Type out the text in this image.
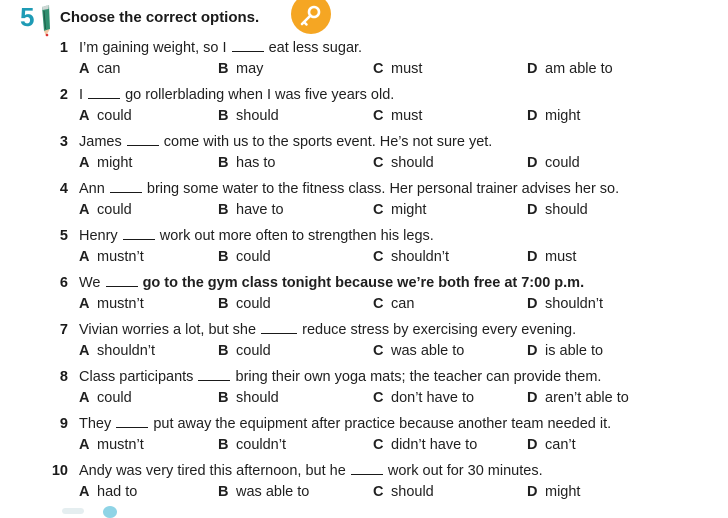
5 Choose the correct options.
1 I’m gaining weight, so I	eat less sugar.
A can	B may	C must	D am able to
2 I	go rollerblading when I was five years old.
A could	B should	C must	D might
3 James	come with us to the sports event. He’s not sure yet.
A might	B has to	C should	D could
4 Ann	bring some water to the fitness class. Her personal trainer advises her so.
A could	B have to	C might	D should
5 Henry	work out more often to strengthen his legs.
A mustn’t	B could	C shouldn’t	D must
6 We	go to the gym class tonight because we’re both free at 7:00 p.m.
A mustn’t	B could	C can	D shouldn’t
7 Vivian worries a lot, but she	reduce stress by exercising every evening.
A shouldn’t	B could	C was able to	D is able to
8 Class participants	bring their own yoga mats; the teacher can provide them.
A could	B should	C don’t have to	D aren’t able to
9 They	put away the equipment after practice because another team needed it.
A mustn’t	B couldn’t	C didn’t have to	D can’t
10 Andy was very tired this afternoon, but he	work out for 30 minutes.
A had to	B was able to	C should	D might
